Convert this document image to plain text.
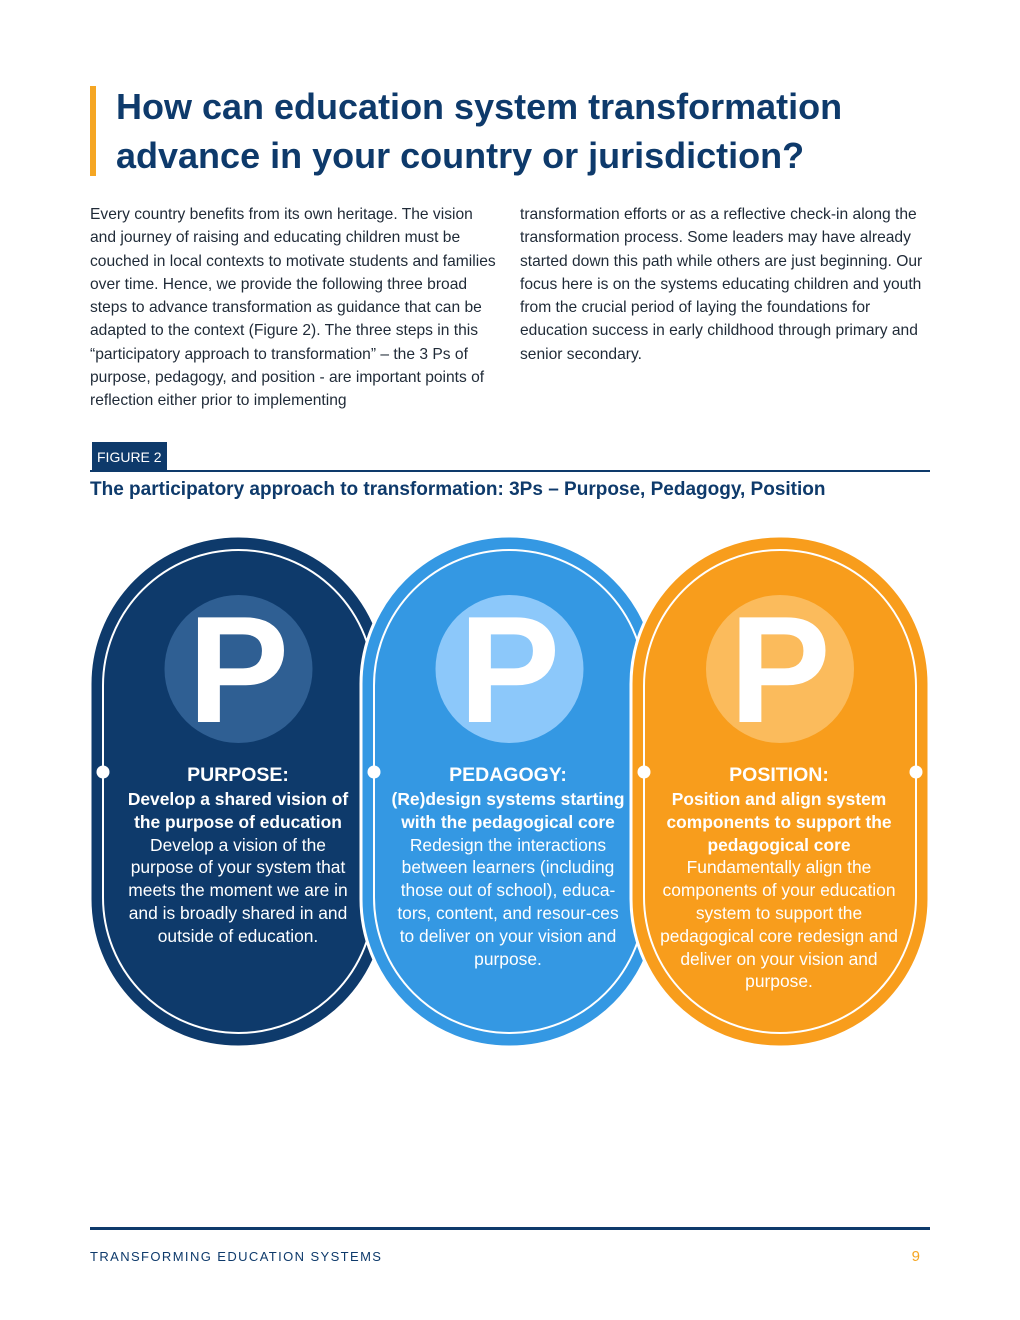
How can education system transformation advance in your country or jurisdiction?

Every country benefits from its own heritage. The vision and journey of raising and educating children must be couched in local contexts to motivate students and families over time. Hence, we provide the following three broad steps to advance transformation as guidance that can be adapted to the context (Figure 2). The three steps in this “participatory approach to transformation” – the 3 Ps of purpose, pedagogy, and position - are important points of reflection either prior to implementing

transformation efforts or as a reflective check-in along the transformation process. Some leaders may have already started down this path while others are just beginning. Our focus here is on the systems educating children and youth from the crucial period of laying the foundations for education success in early childhood through primary and senior secondary.

FIGURE 2

The participatory approach to transformation: 3Ps – Purpose, Pedagogy, Position

P P P
PURPOSE:
Develop a shared vision of the purpose of education
Develop a vision of the purpose of your system that meets the moment we are in and is broadly shared in and outside of education.
PEDAGOGY:
(Re)design systems starting with the pedagogical core
Redesign the interactions between learners (including those out of school), educa-tors, content, and resour-ces to deliver on your vision and purpose.
POSITION:
Position and align system components to support the pedagogical core
Fundamentally align the components of your education system to support the pedagogical core redesign and deliver on your vision and purpose.
TRANSFORMING EDUCATION SYSTEMS	9
